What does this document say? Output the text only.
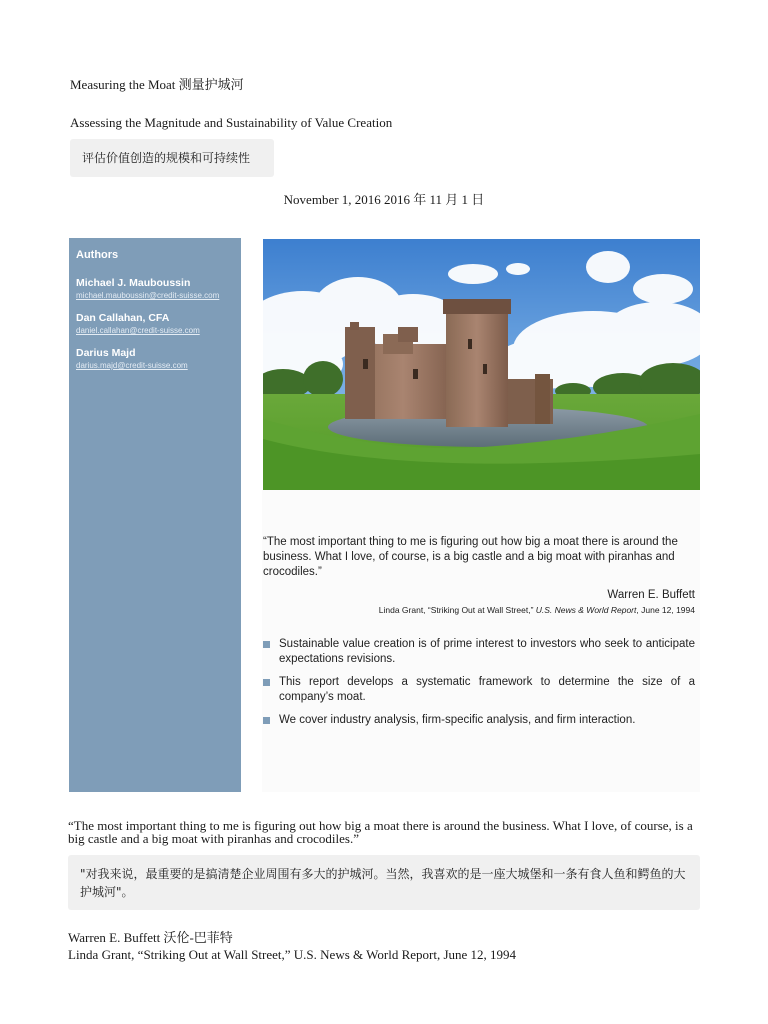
Measuring the Moat 测量护城河
Assessing the Magnitude and Sustainability of Value Creation
评估价值创造的规模和可持续性
November 1, 2016 2016 年 11 月 1 日
Authors
Michael J. Mauboussin
michael.mauboussin@credit-suisse.com
Dan Callahan, CFA
daniel.callahan@credit-suisse.com
Darius Majd
darius.majd@credit-suisse.com
“The most important thing to me is figuring out how big a moat there is around the business. What I love, of course, is a big castle and a big moat with piranhas and crocodiles.”
Warren E. Buffett
Linda Grant, “Striking Out at Wall Street,” U.S. News & World Report, June 12, 1994
Sustainable value creation is of prime interest to investors who seek to anticipate expectations revisions.
This report develops a systematic framework to determine the size of a company’s moat.
We cover industry analysis, firm-specific analysis, and firm interaction.
“The most important thing to me is figuring out how big a moat there is around the business. What I love, of course, is a big castle and a big moat with piranhas and crocodiles.”
"对我来说，最重要的是搞清楚企业周围有多大的护城河。当然，我喜欢的是一座大城堡和一条有食人鱼和鳄鱼的大护城河"。
Warren E. Buffett 沃伦-巴菲特
Linda Grant, “Striking Out at Wall Street,” U.S. News & World Report, June 12, 1994
